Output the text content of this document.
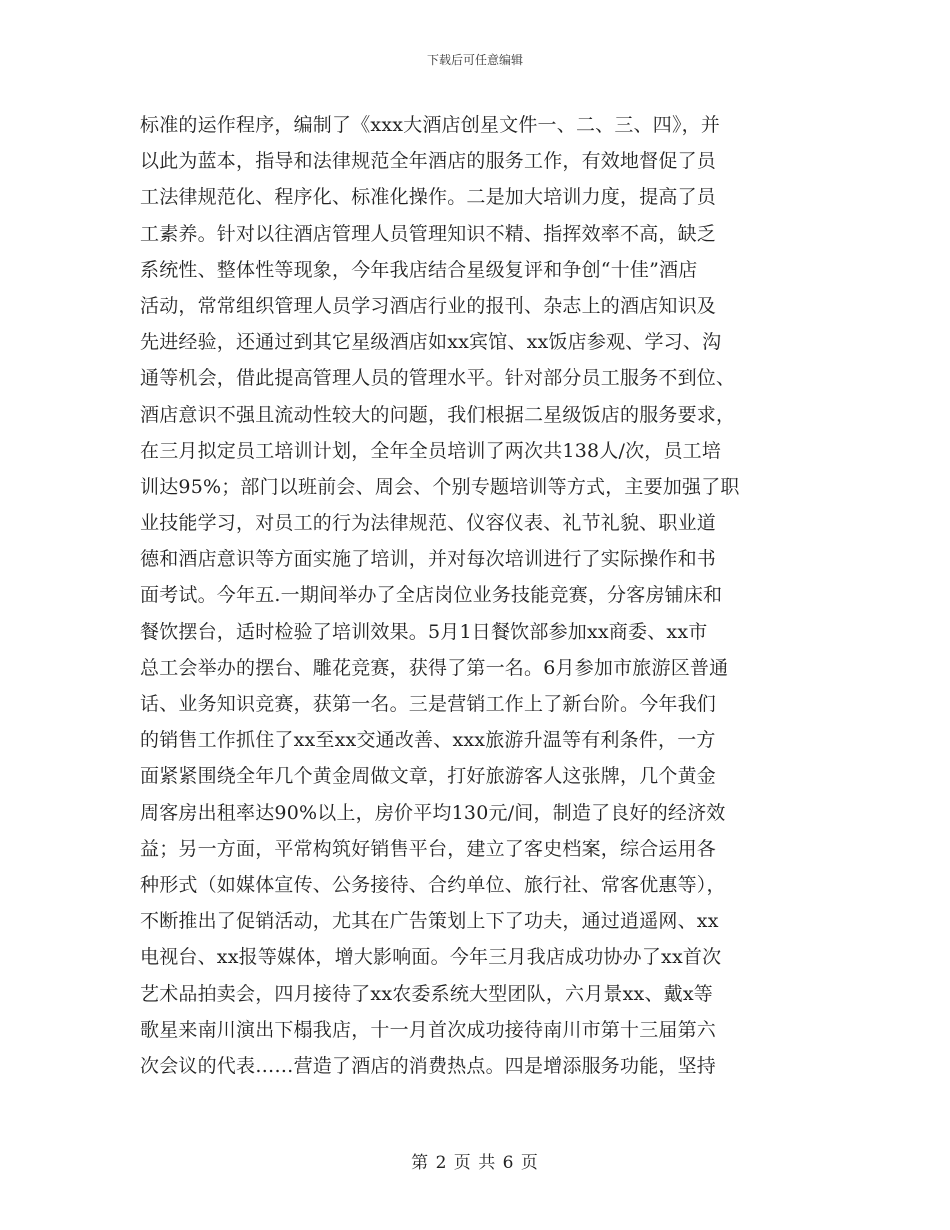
下载后可任意编辑
标准的运作程序，编制了《xxx大酒店创星文件一、二、三、四》，并
以此为蓝本，指导和法律规范全年酒店的服务工作，有效地督促了员
工法律规范化、程序化、标准化操作。二是加大培训力度，提高了员
工素养。针对以往酒店管理人员管理知识不精、指挥效率不高，缺乏
系统性、整体性等现象，今年我店结合星级复评和争创“十佳”酒店
活动，常常组织管理人员学习酒店行业的报刊、杂志上的酒店知识及
先进经验，还通过到其它星级酒店如xx宾馆、xx饭店参观、学习、沟
通等机会，借此提高管理人员的管理水平。针对部分员工服务不到位、
酒店意识不强且流动性较大的问题，我们根据二星级饭店的服务要求，
在三月拟定员工培训计划，全年全员培训了两次共138人/次，员工培
训达95%；部门以班前会、周会、个别专题培训等方式，主要加强了职
业技能学习，对员工的行为法律规范、仪容仪表、礼节礼貌、职业道
德和酒店意识等方面实施了培训，并对每次培训进行了实际操作和书
面考试。今年五.一期间举办了全店岗位业务技能竞赛，分客房铺床和
餐饮摆台，适时检验了培训效果。5月1日餐饮部参加xx商委、xx市
总工会举办的摆台、雕花竞赛，获得了第一名。6月参加市旅游区普通
话、业务知识竞赛，获第一名。三是营销工作上了新台阶。今年我们
的销售工作抓住了xx至xx交通改善、xxx旅游升温等有利条件，一方
面紧紧围绕全年几个黄金周做文章，打好旅游客人这张牌，几个黄金
周客房出租率达90%以上，房价平均130元/间，制造了良好的经济效
益；另一方面，平常构筑好销售平台，建立了客史档案，综合运用各
种形式（如媒体宣传、公务接待、合约单位、旅行社、常客优惠等），
不断推出了促销活动，尤其在广告策划上下了功夫，通过逍遥网、xx
电视台、xx报等媒体，增大影响面。今年三月我店成功协办了xx首次
艺术品拍卖会，四月接待了xx农委系统大型团队，六月景xx、戴x等
歌星来南川演出下榻我店，十一月首次成功接待南川市第十三届第六
次会议的代表……营造了酒店的消费热点。四是增添服务功能，坚持
第 2 页 共 6 页
